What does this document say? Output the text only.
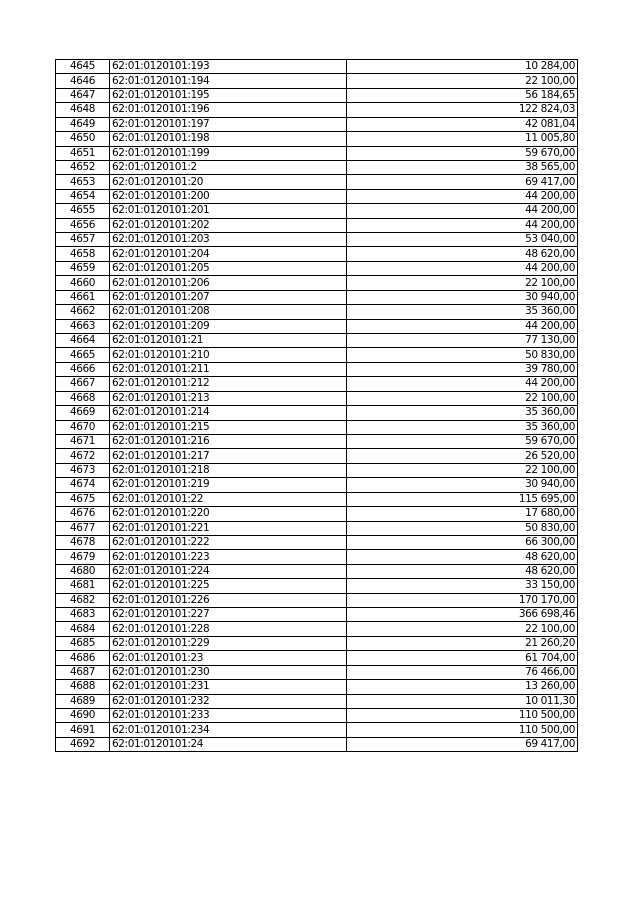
4645	62:01:0120101:193	10 284,00
4646	62:01:0120101:194	22 100,00
4647	62:01:0120101:195	56 184,65
4648	62:01:0120101:196	122 824,03
4649	62:01:0120101:197	42 081,04
4650	62:01:0120101:198	11 005,80
4651	62:01:0120101:199	59 670,00
4652	62:01:0120101:2	38 565,00
4653	62:01:0120101:20	69 417,00
4654	62:01:0120101:200	44 200,00
4655	62:01:0120101:201	44 200,00
4656	62:01:0120101:202	44 200,00
4657	62:01:0120101:203	53 040,00
4658	62:01:0120101:204	48 620,00
4659	62:01:0120101:205	44 200,00
4660	62:01:0120101:206	22 100,00
4661	62:01:0120101:207	30 940,00
4662	62:01:0120101:208	35 360,00
4663	62:01:0120101:209	44 200,00
4664	62:01:0120101:21	77 130,00
4665	62:01:0120101:210	50 830,00
4666	62:01:0120101:211	39 780,00
4667	62:01:0120101:212	44 200,00
4668	62:01:0120101:213	22 100,00
4669	62:01:0120101:214	35 360,00
4670	62:01:0120101:215	35 360,00
4671	62:01:0120101:216	59 670,00
4672	62:01:0120101:217	26 520,00
4673	62:01:0120101:218	22 100,00
4674	62:01:0120101:219	30 940,00
4675	62:01:0120101:22	115 695,00
4676	62:01:0120101:220	17 680,00
4677	62:01:0120101:221	50 830,00
4678	62:01:0120101:222	66 300,00
4679	62:01:0120101:223	48 620,00
4680	62:01:0120101:224	48 620,00
4681	62:01:0120101:225	33 150,00
4682	62:01:0120101:226	170 170,00
4683	62:01:0120101:227	366 698,46
4684	62:01:0120101:228	22 100,00
4685	62:01:0120101:229	21 260,20
4686	62:01:0120101:23	61 704,00
4687	62:01:0120101:230	76 466,00
4688	62:01:0120101:231	13 260,00
4689	62:01:0120101:232	10 011,30
4690	62:01:0120101:233	110 500,00
4691	62:01:0120101:234	110 500,00
4692	62:01:0120101:24	69 417,00
